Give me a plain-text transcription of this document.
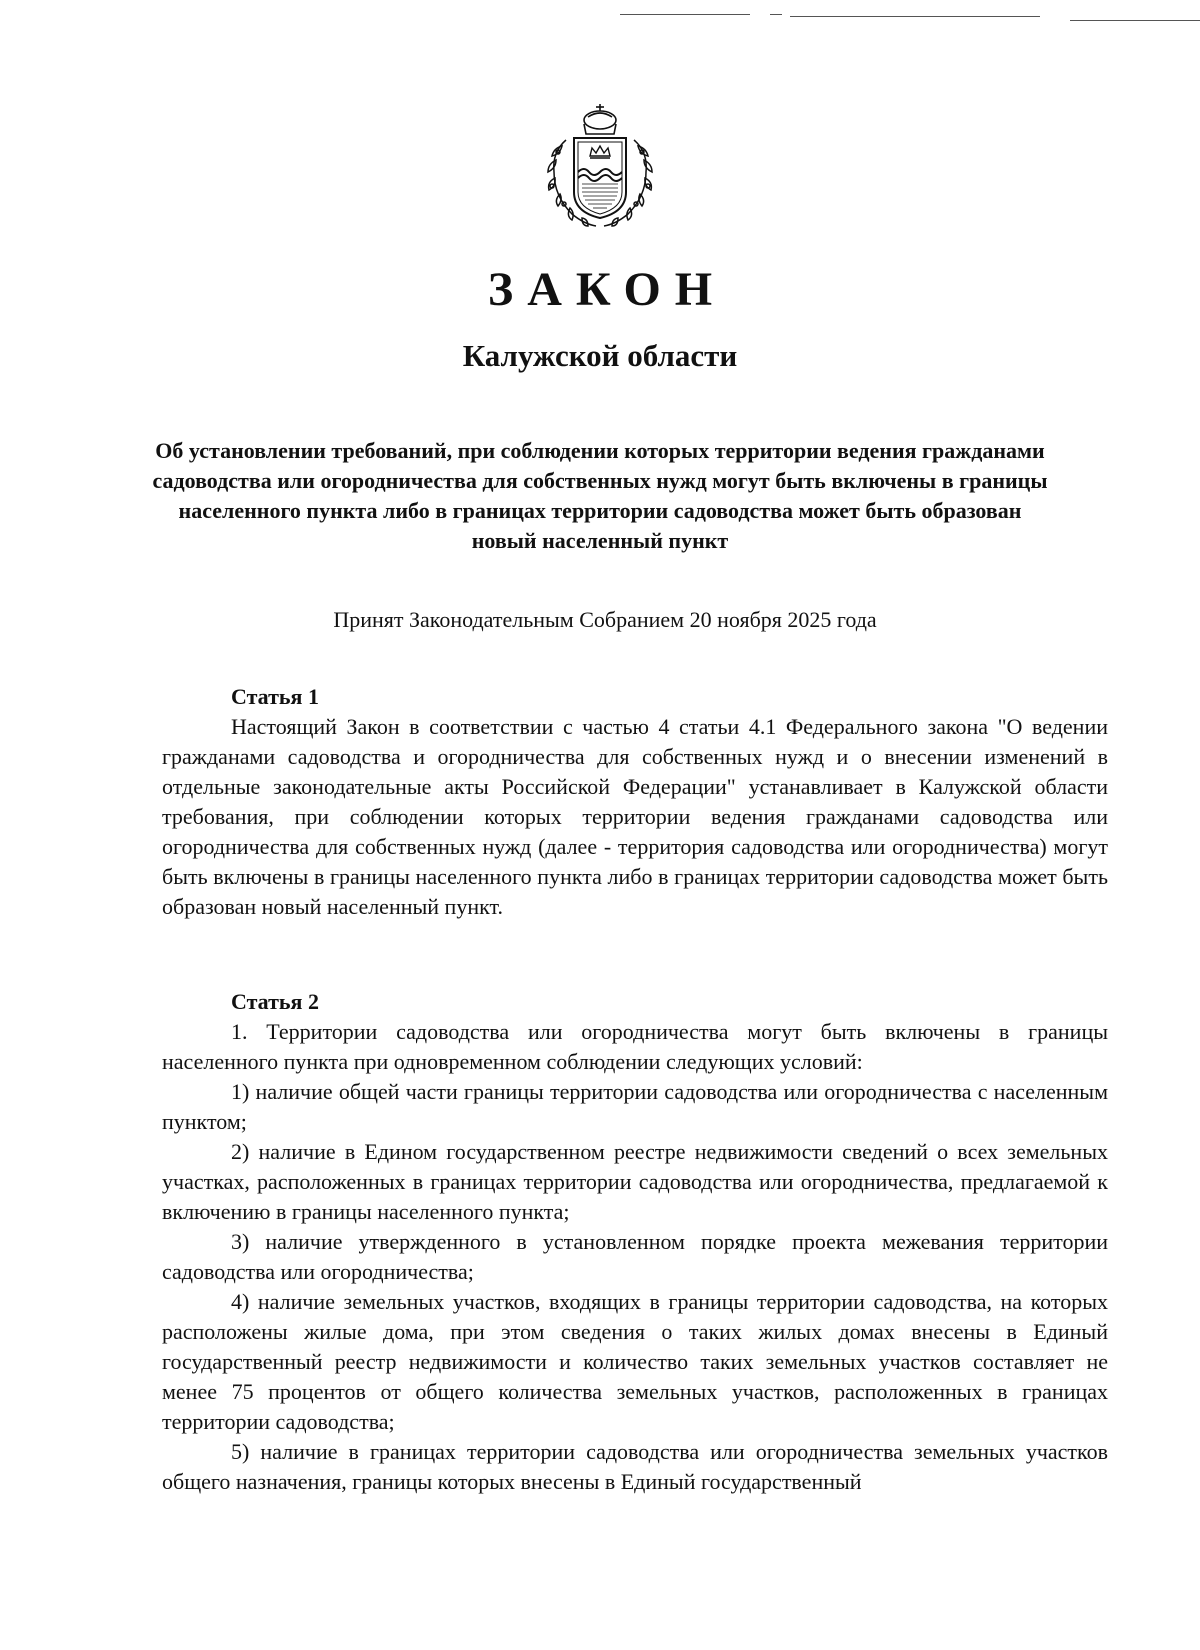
ЗАКОН
Калужской области
Об установлении требований, при соблюдении которых территории ведения гражданами садоводства или огородничества для собственных нужд могут быть включены в границы населенного пункта либо в границах территории садоводства может быть образован новый населенный пункт
Принят Законодательным Собранием 20 ноября 2025 года
Статья 1

Настоящий Закон в соответствии с частью 4 статьи 4.1 Федерального закона "О ведении гражданами садоводства и огородничества для собственных нужд и о внесении изменений в отдельные законодательные акты Российской Федерации" устанавливает в Калужской области требования, при соблюдении которых территории ведения гражданами садоводства или огородничества для собственных нужд (далее - территория садоводства или огородничества) могут быть включены в границы населенного пункта либо в границах территории садоводства может быть образован новый населенный пункт.

Статья 2

1. Территории садоводства или огородничества могут быть включены в границы населенного пункта при одновременном соблюдении следующих условий:

1) наличие общей части границы территории садоводства или огородничества с населенным пунктом;

2) наличие в Едином государственном реестре недвижимости сведений о всех земельных участках, расположенных в границах территории садоводства или огородничества, предлагаемой к включению в границы населенного пункта;

3) наличие утвержденного в установленном порядке проекта межевания территории садоводства или огородничества;

4) наличие земельных участков, входящих в границы территории садоводства, на которых расположены жилые дома, при этом сведения о таких жилых домах внесены в Единый государственный реестр недвижимости и количество таких земельных участков составляет не менее 75 процентов от общего количества земельных участков, расположенных в границах территории садоводства;

5) наличие в границах территории садоводства или огородничества земельных участков общего назначения, границы которых внесены в Единый государственный
